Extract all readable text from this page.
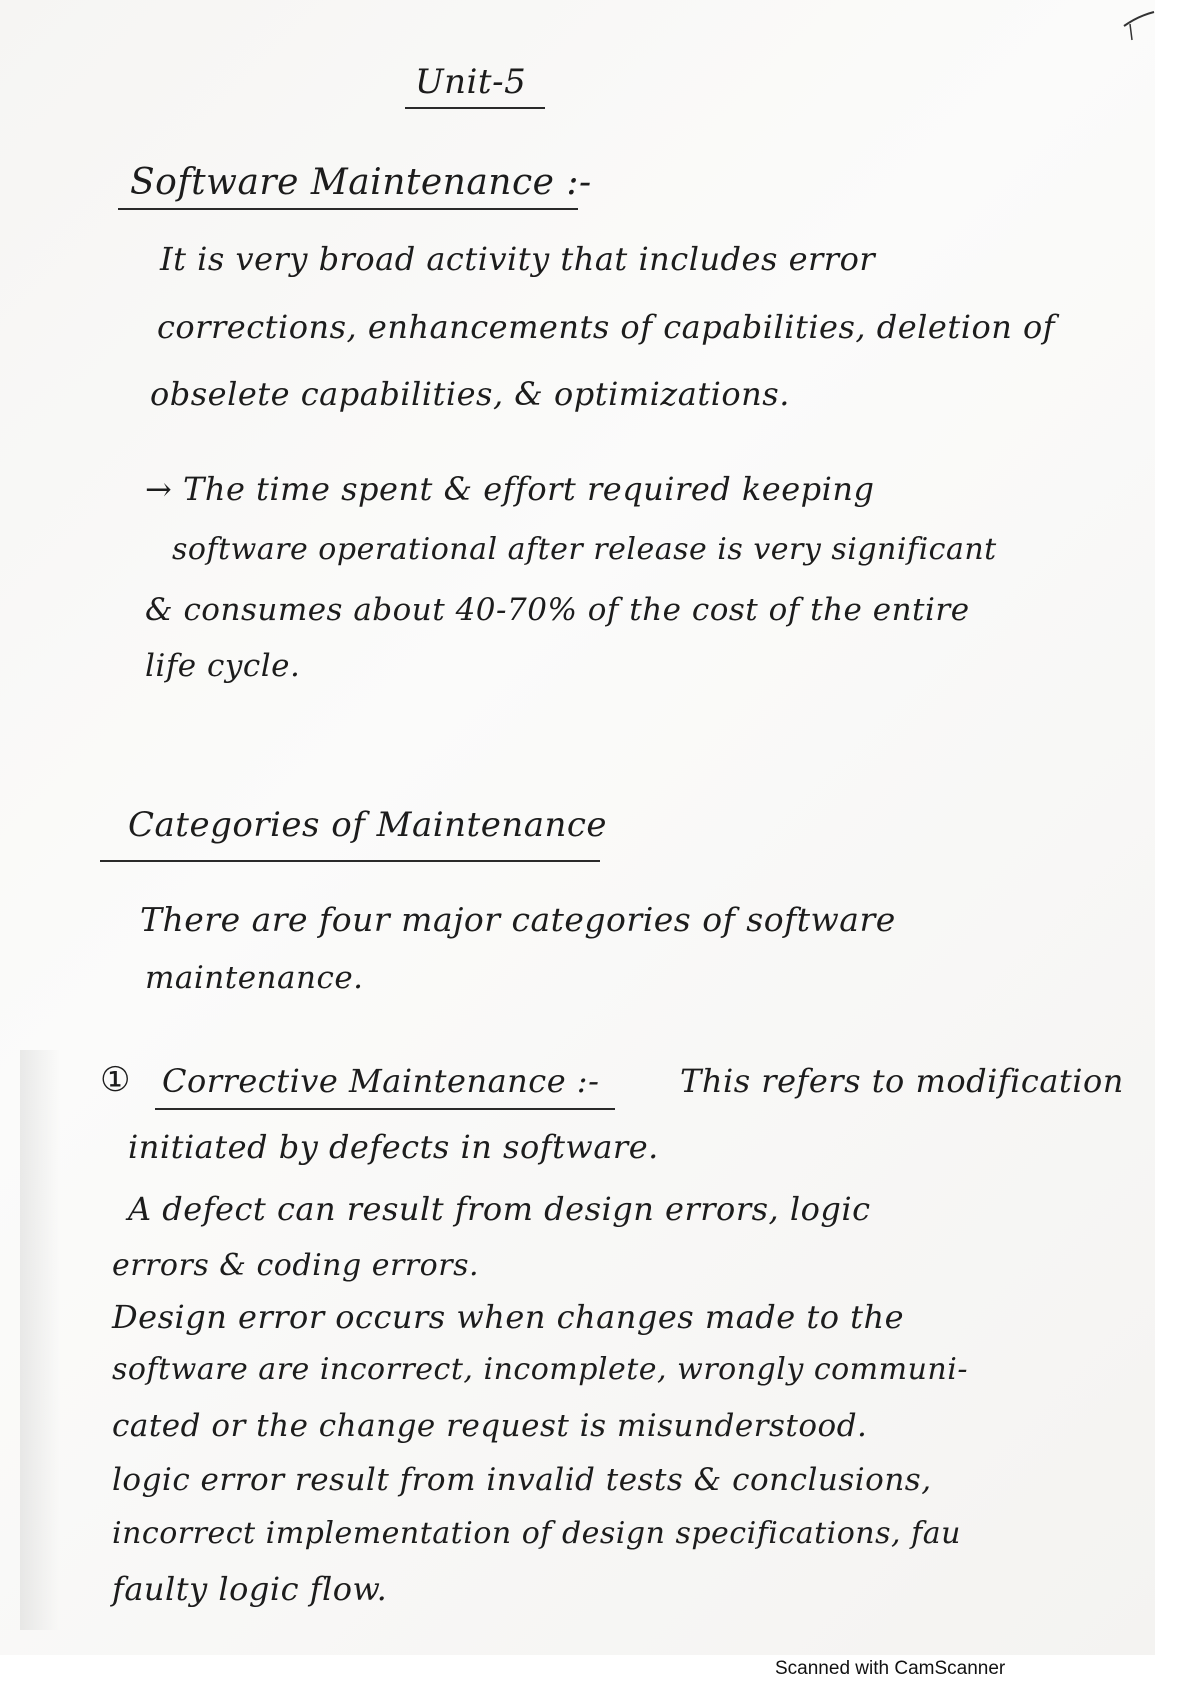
Unit-5
Software Maintenance :-
It is very broad activity that includes error
corrections, enhancements of capabilities, deletion of
obselete capabilities, & optimizations.
→ The time spent & effort required keeping
software operational after release is very significant
& consumes about 40-70% of the cost of the entire
life cycle.
Categories of Maintenance
There are four major categories of software
maintenance.
① Corrective Maintenance :-	This refers to modification
initiated by defects in software.
A defect can result from design errors, logic
errors & coding errors.
Design error occurs when changes made to the
software are incorrect, incomplete, wrongly communi-
cated or the change request is misunderstood.
logic error result from invalid tests & conclusions,
incorrect implementation of design specifications, fau
faulty logic flow.
Scanned with CamScanner
